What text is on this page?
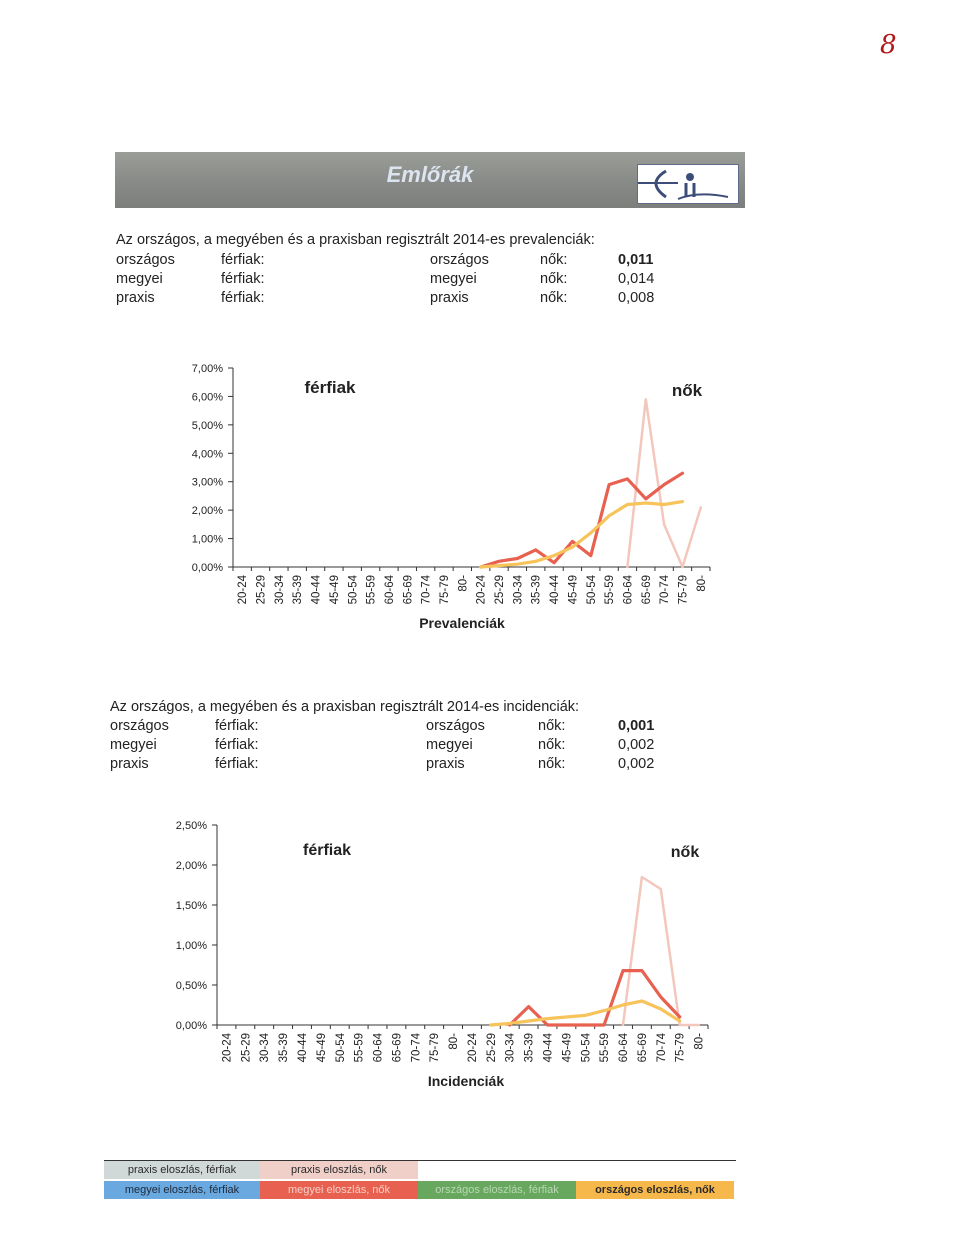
8
Emlőrák
Az országos, a megyében és a praxisban regisztrált 2014-es prevalenciák:
országos	férfiak:	országos	nők:	0,011
megyei	férfiak:	megyei	nők:	0,014
praxis	férfiak:	praxis	nők:	0,008
0,00%
1,00%
2,00%
3,00%
4,00%
5,00%
6,00%
7,00%
20-24 25-29 30-34 35-39 40-44 45-49 50-54 55-59 60-64 65-69 70-74 75-79 80- 20-24 25-29 30-34 35-39 40-44 45-49 50-54 55-59 60-64 65-69 70-74 75-79 80-
férfiak	nők
Prevalenciák
Az országos, a megyében és a praxisban regisztrált 2014-es incidenciák:
országos	férfiak:	országos	nők:	0,001
megyei	férfiak:	megyei	nők:	0,002
praxis	férfiak:	praxis	nők:	0,002
0,00%
0,50%
1,00%
1,50%
2,00%
2,50%
20-24 25-29 30-34 35-39 40-44 45-49 50-54 55-59 60-64 65-69 70-74 75-79 80- 20-24 25-29 30-34 35-39 40-44 45-49 50-54 55-59 60-64 65-69 70-74 75-79 80-
férfiak	nők
Incidenciák
praxis eloszlás, férfiak	praxis eloszlás, nők
megyei eloszlás, férfiak	megyei eloszlás, nők	országos eloszlás, férfiak	országos eloszlás, nők
